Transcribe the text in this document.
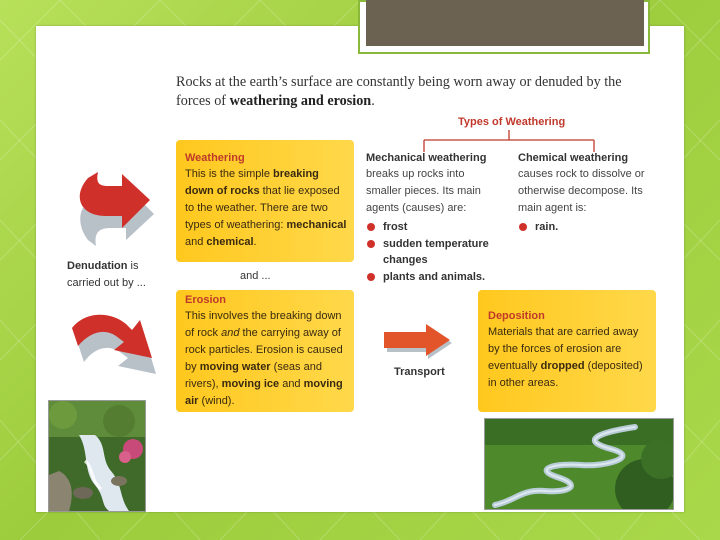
Rocks at the earth’s surface are constantly being worn away or denuded by the forces of weathering and erosion.
Types of Weathering
Weathering
This is the simple breaking down of rocks that lie exposed to the weather. There are two types of weathering: mechanical and chemical.
Mechanical weathering
breaks up rocks into smaller pieces. Its main agents (causes) are:
frost
sudden temperature changes
plants and animals.
Chemical weathering
causes rock to dissolve or otherwise decompose. Its main agent is:
rain.
Denudation is carried out by ...
and ...
Erosion
This involves the breaking down of rock and the carrying away of rock particles. Erosion is caused by moving water (seas and rivers), moving ice and moving air (wind).
Transport
Deposition
Materials that are carried away by the forces of erosion are eventually dropped (deposited) in other areas.
